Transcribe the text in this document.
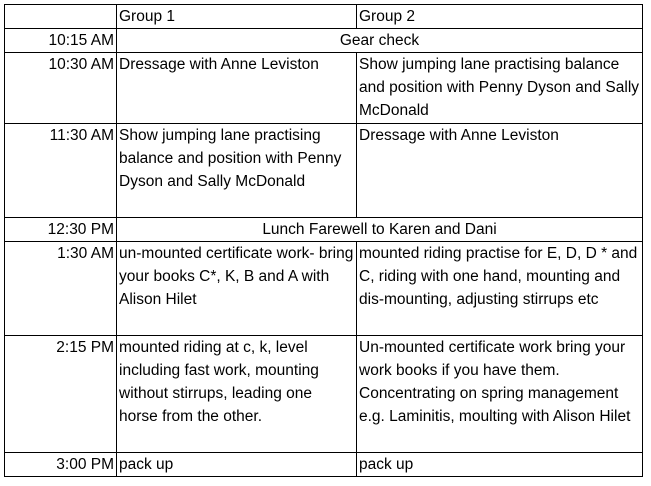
	Group 1	Group 2
10:15 AM	Gear check	
10:30 AM	Dressage with Anne Leviston	Show jumping lane practising balance and position with Penny Dyson and Sally McDonald
11:30 AM	Show jumping lane practising balance and position with Penny Dyson and Sally McDonald	Dressage with Anne Leviston
12:30 PM	Lunch Farewell to Karen and Dani	
1:30 AM	un-mounted certificate work- bring your books C*, K, B and A with Alison Hilet	mounted riding practise for E, D, D * and C, riding with one hand, mounting and dis-mounting, adjusting stirrups etc
2:15 PM	mounted riding at c, k, level including fast work, mounting without stirrups, leading one horse from the other.	Un-mounted certificate work bring your work books if you have them. Concentrating on spring management e.g. Laminitis, moulting with Alison Hilet
3:00 PM	pack up	pack up
